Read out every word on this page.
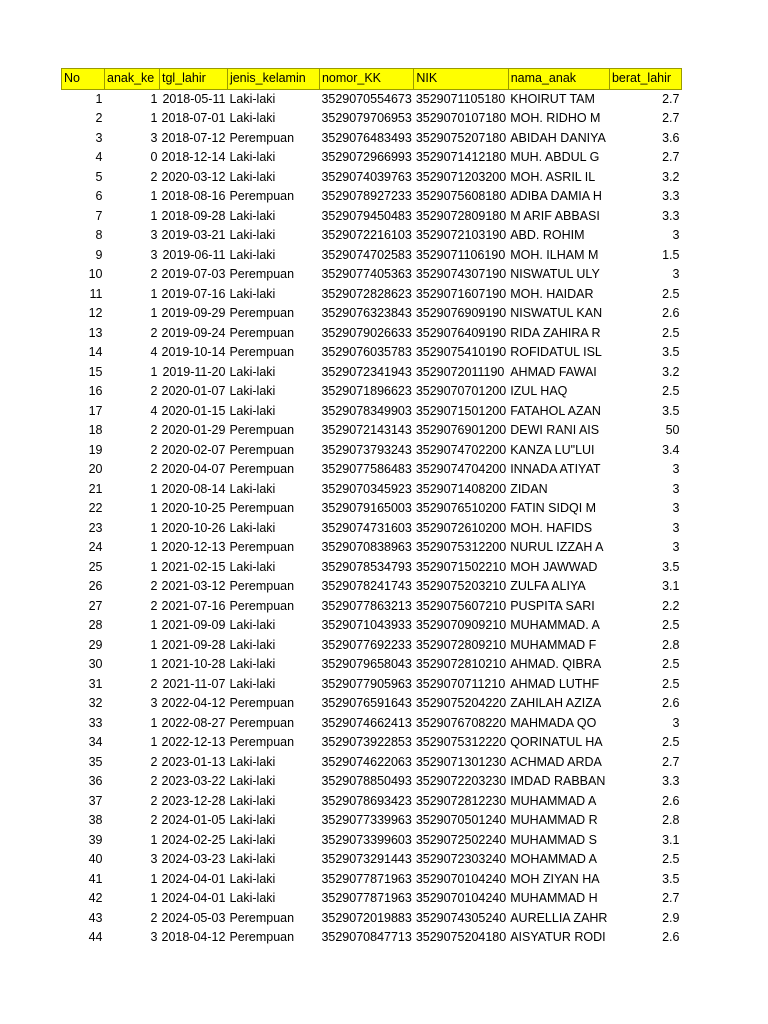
No	anak_ke	tgl_lahir	jenis_kelamin	nomor_KK	NIK	nama_anak	berat_lahir
1	1	2018-05-11	Laki-laki	3529070554673	3529071105180	KHOIRUT TAM	2.7
2	1	2018-07-01	Laki-laki	3529079706953	3529070107180	MOH. RIDHO M	2.7
3	3	2018-07-12	Perempuan	3529076483493	3529075207180	ABIDAH DANIYA	3.6
4	0	2018-12-14	Laki-laki	3529072966993	3529071412180	MUH. ABDUL G	2.7
5	2	2020-03-12	Laki-laki	3529074039763	3529071203200	MOH. ASRIL IL	3.2
6	1	2018-08-16	Perempuan	3529078927233	3529075608180	ADIBA DAMIA H	3.3
7	1	2018-09-28	Laki-laki	3529079450483	3529072809180	M ARIF ABBASI	3.3
8	3	2019-03-21	Laki-laki	3529072216103	3529072103190	ABD. ROHIM	3
9	3	2019-06-11	Laki-laki	3529074702583	3529071106190	MOH. ILHAM M	1.5
10	2	2019-07-03	Perempuan	3529077405363	3529074307190	NISWATUL ULY	3
11	1	2019-07-16	Laki-laki	3529072828623	3529071607190	MOH. HAIDAR	2.5
12	1	2019-09-29	Perempuan	3529076323843	3529076909190	NISWATUL KAN	2.6
13	2	2019-09-24	Perempuan	3529079026633	3529076409190	RIDA ZAHIRA R	2.5
14	4	2019-10-14	Perempuan	3529076035783	3529075410190	ROFIDATUL ISL	3.5
15	1	2019-11-20	Laki-laki	3529072341943	3529072011190	AHMAD FAWAI	3.2
16	2	2020-01-07	Laki-laki	3529071896623	3529070701200	IZUL HAQ	2.5
17	4	2020-01-15	Laki-laki	3529078349903	3529071501200	FATAHOL AZAN	3.5
18	2	2020-01-29	Perempuan	3529072143143	3529076901200	DEWI RANI AIS	50
19	2	2020-02-07	Perempuan	3529073793243	3529074702200	KANZA LU"LUI	3.4
20	2	2020-04-07	Perempuan	3529077586483	3529074704200	INNADA ATIYAT	3
21	1	2020-08-14	Laki-laki	3529070345923	3529071408200	ZIDAN	3
22	1	2020-10-25	Perempuan	3529079165003	3529076510200	FATIN SIDQI M	3
23	1	2020-10-26	Laki-laki	3529074731603	3529072610200	MOH. HAFIDS	3
24	1	2020-12-13	Perempuan	3529070838963	3529075312200	NURUL IZZAH A	3
25	1	2021-02-15	Laki-laki	3529078534793	3529071502210	MOH JAWWAD	3.5
26	2	2021-03-12	Perempuan	3529078241743	3529075203210	ZULFA ALIYA	3.1
27	2	2021-07-16	Perempuan	3529077863213	3529075607210	PUSPITA SARI	2.2
28	1	2021-09-09	Laki-laki	3529071043933	3529070909210	MUHAMMAD. A	2.5
29	1	2021-09-28	Laki-laki	3529077692233	3529072809210	MUHAMMAD F	2.8
30	1	2021-10-28	Laki-laki	3529079658043	3529072810210	AHMAD. QIBRA	2.5
31	2	2021-11-07	Laki-laki	3529077905963	3529070711210	AHMAD LUTHF	2.5
32	3	2022-04-12	Perempuan	3529076591643	3529075204220	ZAHILAH AZIZA	2.6
33	1	2022-08-27	Perempuan	3529074662413	3529076708220	MAHMADA QO	3
34	1	2022-12-13	Perempuan	3529073922853	3529075312220	QORINATUL HA	2.5
35	2	2023-01-13	Laki-laki	3529074622063	3529071301230	ACHMAD ARDA	2.7
36	2	2023-03-22	Laki-laki	3529078850493	3529072203230	IMDAD RABBAN	3.3
37	2	2023-12-28	Laki-laki	3529078693423	3529072812230	MUHAMMAD A	2.6
38	2	2024-01-05	Laki-laki	3529077339963	3529070501240	MUHAMMAD R	2.8
39	1	2024-02-25	Laki-laki	3529073399603	3529072502240	MUHAMMAD S	3.1
40	3	2024-03-23	Laki-laki	3529073291443	3529072303240	MOHAMMAD A	2.5
41	1	2024-04-01	Laki-laki	3529077871963	3529070104240	MOH ZIYAN HA	3.5
42	1	2024-04-01	Laki-laki	3529077871963	3529070104240	MUHAMMAD H	2.7
43	2	2024-05-03	Perempuan	3529072019883	3529074305240	AURELLIA ZAHR	2.9
44	3	2018-04-12	Perempuan	3529070847713	3529075204180	AISYATUR RODI	2.6
